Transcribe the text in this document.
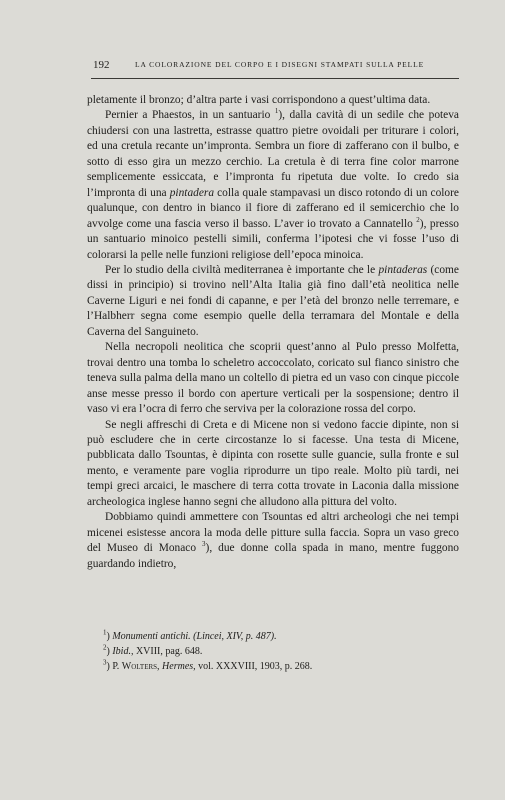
192	LA COLORAZIONE DEL CORPO E I DISEGNI STAMPATI SULLA PELLE

pletamente il bronzo; d’altra parte i vasi corrispondono a quest’ultima data.

Pernier a Phaestos, in un santuario $^1$), dalla cavità di un sedile che poteva chiudersi con una lastretta, estrasse quattro pietre ovoidali per triturare i colori, ed una cretula recante un’impronta. Sembra un fiore di zafferano con il bulbo, e sotto di esso gira un mezzo cerchio. La cretula è di terra fine color marrone semplicemente essiccata, e l’impronta fu ripetuta due volte. Io credo sia l’impronta di una pintadera colla quale stampavasi un disco rotondo di un colore qualunque, con dentro in bianco il fiore di zafferano ed il semicerchio che lo avvolge come una fascia verso il basso. L’aver io trovato a Cannatello $^2$), presso un santuario minoico pestelli simili, conferma l’ipotesi che vi fosse l’uso di colorarsi la pelle nelle funzioni religiose dell’epoca minoica.

Per lo studio della civiltà mediterranea è importante che le pintaderas (come dissi in principio) si trovino nell’Alta Italia già fino dall’età neolitica nelle Caverne Liguri e nei fondi di capanne, e per l’età del bronzo nelle terremare, e l’Halbherr segna come esempio quelle della terramara del Montale e della Caverna del Sanguineto.

Nella necropoli neolitica che scoprii quest’anno al Pulo presso Molfetta, trovai dentro una tomba lo scheletro accoccolato, coricato sul fianco sinistro che teneva sulla palma della mano un coltello di pietra ed un vaso con cinque piccole anse messe presso il bordo con aperture verticali per la sospensione; dentro il vaso vi era l’ocra di ferro che serviva per la colorazione rossa del corpo.

Se negli affreschi di Creta e di Micene non si vedono faccie dipinte, non si può escludere che in certe circostanze lo si facesse. Una testa di Micene, pubblicata dallo Tsountas, è dipinta con rosette sulle guancie, sulla fronte e sul mento, e veramente pare voglia riprodurre un tipo reale. Molto più tardi, nei tempi greci arcaici, le maschere di terra cotta trovate in Laconia dalla missione archeologica inglese hanno segni che alludono alla pittura del volto.

Dobbiamo quindi ammettere con Tsountas ed altri archeologi che nei tempi micenei esistesse ancora la moda delle pitture sulla faccia. Sopra un vaso greco del Museo di Monaco $^3$), due donne colla spada in mano, mentre fuggono guardando indietro,

$^1$) Monumenti antichi. (Lincei, XIV, p. 487).

$^2$) Ibid., XVIII, pag. 648.

$^3$) P. Wolters, Hermes, vol. XXXVIII, 1903, p. 268.
